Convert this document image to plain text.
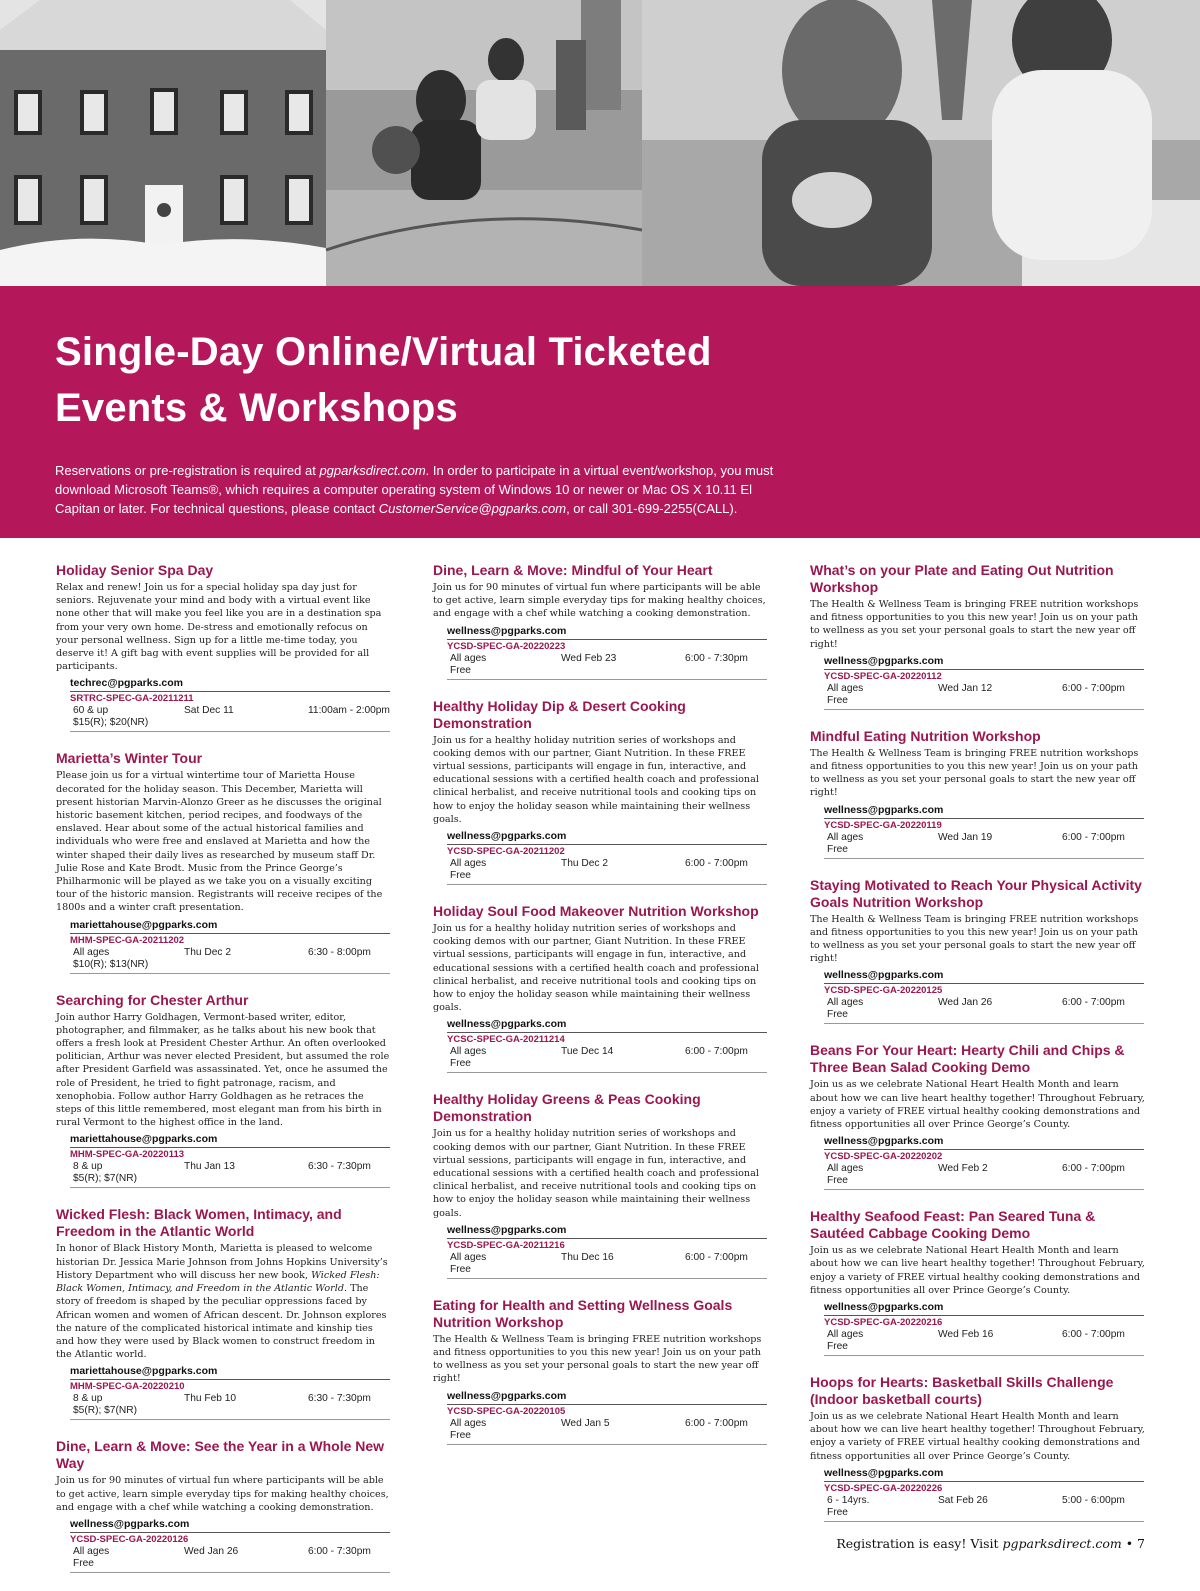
Single-Day Online/Virtual Ticketed
Events & Workshops

Reservations or pre-registration is required at pgparksdirect.com. In order to participate in a virtual event/workshop, you must download Microsoft Teams®, which requires a computer operating system of Windows 10 or newer or Mac OS X 10.11 El Capitan or later. For technical questions, please contact CustomerService@pgparks.com, or call 301-699-2255(CALL).

Holiday Senior Spa Day

Relax and renew! Join us for a special holiday spa day just for seniors. Rejuvenate your mind and body with a virtual event like none other that will make you feel like you are in a destination spa from your very own home. De-stress and emotionally refocus on your personal wellness. Sign up for a little me-time today, you deserve it! A gift bag with event supplies will be provided for all participants.

techrec@pgparks.com
SRTRC-SPEC-GA-20211211
60 & up	Sat Dec 11	11:00am - 2:00pm
$15(R); $20(NR)
Marietta’s Winter Tour

Please join us for a virtual wintertime tour of Marietta House decorated for the holiday season. This December, Marietta will present historian Marvin-Alonzo Greer as he discusses the original historic basement kitchen, period recipes, and foodways of the enslaved. Hear about some of the actual historical families and individuals who were free and enslaved at Marietta and how the winter shaped their daily lives as researched by museum staff Dr. Julie Rose and Kate Brodt. Music from the Prince George’s Philharmonic will be played as we take you on a visually exciting tour of the historic mansion. Registrants will receive recipes of the 1800s and a winter craft presentation.

mariettahouse@pgparks.com
MHM-SPEC-GA-20211202
All ages	Thu Dec 2	6:30 - 8:00pm
$10(R); $13(NR)
Searching for Chester Arthur

Join author Harry Goldhagen, Vermont-based writer, editor, photographer, and filmmaker, as he talks about his new book that offers a fresh look at President Chester Arthur. An often overlooked politician, Arthur was never elected President, but assumed the role after President Garfield was assassinated. Yet, once he assumed the role of President, he tried to fight patronage, racism, and xenophobia. Follow author Harry Goldhagen as he retraces the steps of this little remembered, most elegant man from his birth in rural Vermont to the highest office in the land.

mariettahouse@pgparks.com
MHM-SPEC-GA-20220113
8 & up	Thu Jan 13	6:30 - 7:30pm
$5(R); $7(NR)
Wicked Flesh: Black Women, Intimacy, and Freedom in the Atlantic World

In honor of Black History Month, Marietta is pleased to welcome historian Dr. Jessica Marie Johnson from Johns Hopkins University’s History Department who will discuss her new book, Wicked Flesh: Black Women, Intimacy, and Freedom in the Atlantic World. The story of freedom is shaped by the peculiar oppressions faced by African women and women of African descent. Dr. Johnson explores the nature of the complicated historical intimate and kinship ties and how they were used by Black women to construct freedom in the Atlantic world.

mariettahouse@pgparks.com
MHM-SPEC-GA-20220210
8 & up	Thu Feb 10	6:30 - 7:30pm
$5(R); $7(NR)
Dine, Learn & Move: See the Year in a Whole New Way

Join us for 90 minutes of virtual fun where participants will be able to get active, learn simple everyday tips for making healthy choices, and engage with a chef while watching a cooking demonstration.

wellness@pgparks.com
YCSD-SPEC-GA-20220126
All ages	Wed Jan 26	6:00 - 7:30pm
Free
Dine, Learn & Move: Mindful of Your Heart

Join us for 90 minutes of virtual fun where participants will be able to get active, learn simple everyday tips for making healthy choices, and engage with a chef while watching a cooking demonstration.

wellness@pgparks.com
YCSD-SPEC-GA-20220223
All ages	Wed Feb 23	6:00 - 7:30pm
Free
Healthy Holiday Dip & Desert Cooking Demonstration

Join us for a healthy holiday nutrition series of workshops and cooking demos with our partner, Giant Nutrition. In these FREE virtual sessions, participants will engage in fun, interactive, and educational sessions with a certified health coach and professional clinical herbalist, and receive nutritional tools and cooking tips on how to enjoy the holiday season while maintaining their wellness goals.

wellness@pgparks.com
YCSD-SPEC-GA-20211202
All ages	Thu Dec 2	6:00 - 7:00pm
Free
Holiday Soul Food Makeover Nutrition Workshop

Join us for a healthy holiday nutrition series of workshops and cooking demos with our partner, Giant Nutrition. In these FREE virtual sessions, participants will engage in fun, interactive, and educational sessions with a certified health coach and professional clinical herbalist, and receive nutritional tools and cooking tips on how to enjoy the holiday season while maintaining their wellness goals.

wellness@pgparks.com
YCSC-SPEC-GA-20211214
All ages	Tue Dec 14	6:00 - 7:00pm
Free
Healthy Holiday Greens & Peas Cooking Demonstration

Join us for a healthy holiday nutrition series of workshops and cooking demos with our partner, Giant Nutrition. In these FREE virtual sessions, participants will engage in fun, interactive, and educational sessions with a certified health coach and professional clinical herbalist, and receive nutritional tools and cooking tips on how to enjoy the holiday season while maintaining their wellness goals.

wellness@pgparks.com
YCSD-SPEC-GA-20211216
All ages	Thu Dec 16	6:00 - 7:00pm
Free
Eating for Health and Setting Wellness Goals Nutrition Workshop

The Health & Wellness Team is bringing FREE nutrition workshops and fitness opportunities to you this new year! Join us on your path to wellness as you set your personal goals to start the new year off right!

wellness@pgparks.com
YCSD-SPEC-GA-20220105
All ages	Wed Jan 5	6:00 - 7:00pm
Free
What’s on your Plate and Eating Out Nutrition Workshop

The Health & Wellness Team is bringing FREE nutrition workshops and fitness opportunities to you this new year! Join us on your path to wellness as you set your personal goals to start the new year off right!

wellness@pgparks.com
YCSD-SPEC-GA-20220112
All ages	Wed Jan 12	6:00 - 7:00pm
Free
Mindful Eating Nutrition Workshop

The Health & Wellness Team is bringing FREE nutrition workshops and fitness opportunities to you this new year! Join us on your path to wellness as you set your personal goals to start the new year off right!

wellness@pgparks.com
YCSD-SPEC-GA-20220119
All ages	Wed Jan 19	6:00 - 7:00pm
Free
Staying Motivated to Reach Your Physical Activity Goals Nutrition Workshop

The Health & Wellness Team is bringing FREE nutrition workshops and fitness opportunities to you this new year! Join us on your path to wellness as you set your personal goals to start the new year off right!

wellness@pgparks.com
YCSD-SPEC-GA-20220125
All ages	Wed Jan 26	6:00 - 7:00pm
Free
Beans For Your Heart: Hearty Chili and Chips & Three Bean Salad Cooking Demo

Join us as we celebrate National Heart Health Month and learn about how we can live heart healthy together! Throughout February, enjoy a variety of FREE virtual healthy cooking demonstrations and fitness opportunities all over Prince George’s County.

wellness@pgparks.com
YCSD-SPEC-GA-20220202
All ages	Wed Feb 2	6:00 - 7:00pm
Free
Healthy Seafood Feast: Pan Seared Tuna & Sautéed Cabbage Cooking Demo

Join us as we celebrate National Heart Health Month and learn about how we can live heart healthy together! Throughout February, enjoy a variety of FREE virtual healthy cooking demonstrations and fitness opportunities all over Prince George’s County.

wellness@pgparks.com
YCSD-SPEC-GA-20220216
All ages	Wed Feb 16	6:00 - 7:00pm
Free
Hoops for Hearts: Basketball Skills Challenge (Indoor basketball courts)

Join us as we celebrate National Heart Health Month and learn about how we can live heart healthy together! Throughout February, enjoy a variety of FREE virtual healthy cooking demonstrations and fitness opportunities all over Prince George’s County.

wellness@pgparks.com
YCSD-SPEC-GA-20220226
6 - 14yrs.	Sat Feb 26	5:00 - 6:00pm
Free
Registration is easy! Visit pgparksdirect.com • 7
